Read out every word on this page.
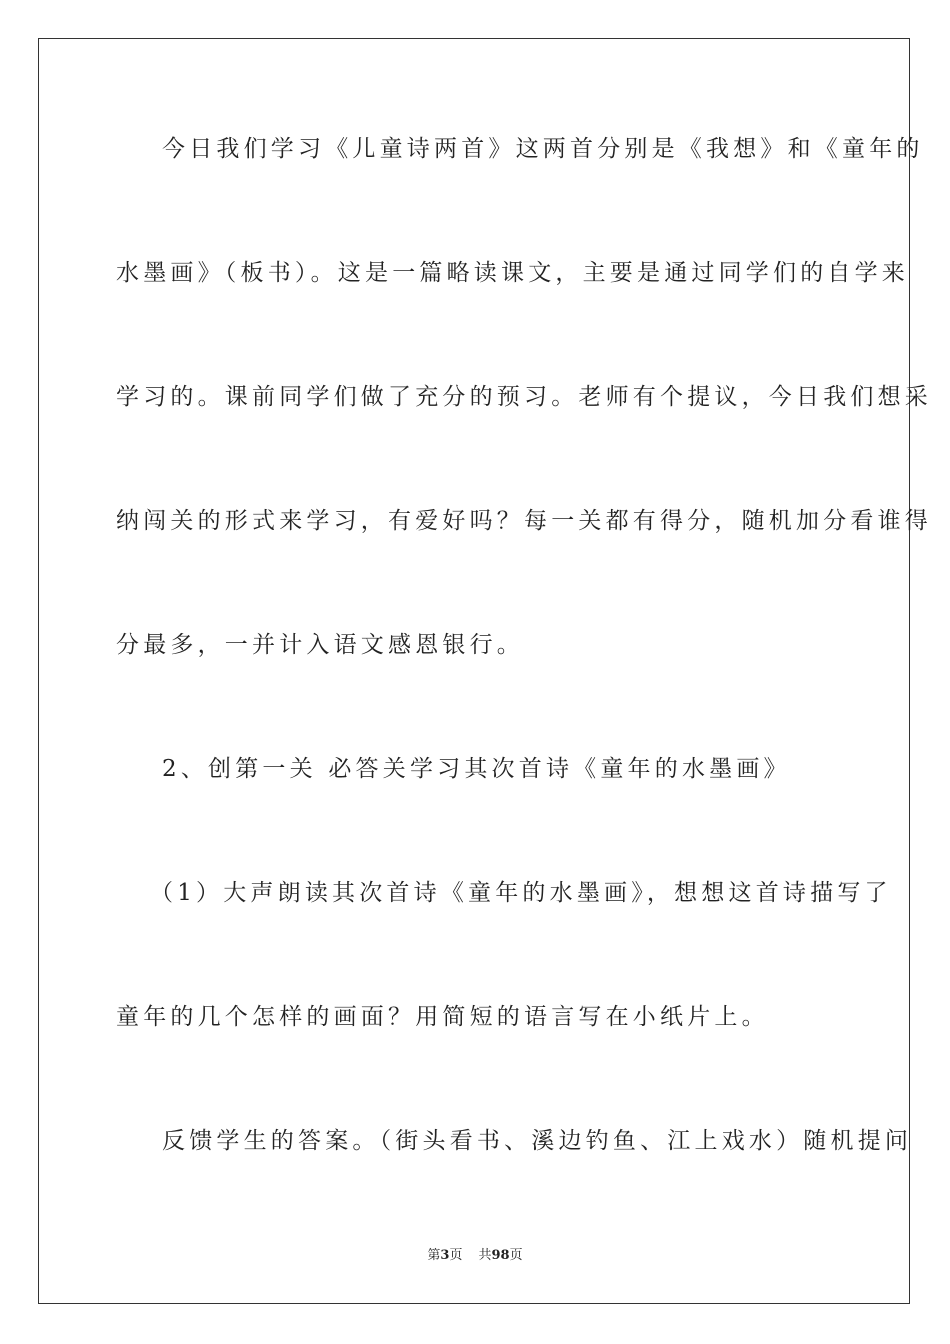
今日我们学习《儿童诗两首》这两首分别是《我想》和《童年的
水墨画》（板书）。这是一篇略读课文，主要是通过同学们的自学来
学习的。课前同学们做了充分的预习。老师有个提议，今日我们想采
纳闯关的形式来学习，有爱好吗？每一关都有得分，随机加分看谁得
分最多，一并计入语文感恩银行。
2、创第一关 必答关学习其次首诗《童年的水墨画》
（1）大声朗读其次首诗《童年的水墨画》，想想这首诗描写了
童年的几个怎样的画面？用简短的语言写在小纸片上。
反馈学生的答案。（街头看书、溪边钓鱼、江上戏水）随机提问
第3页 共98页
